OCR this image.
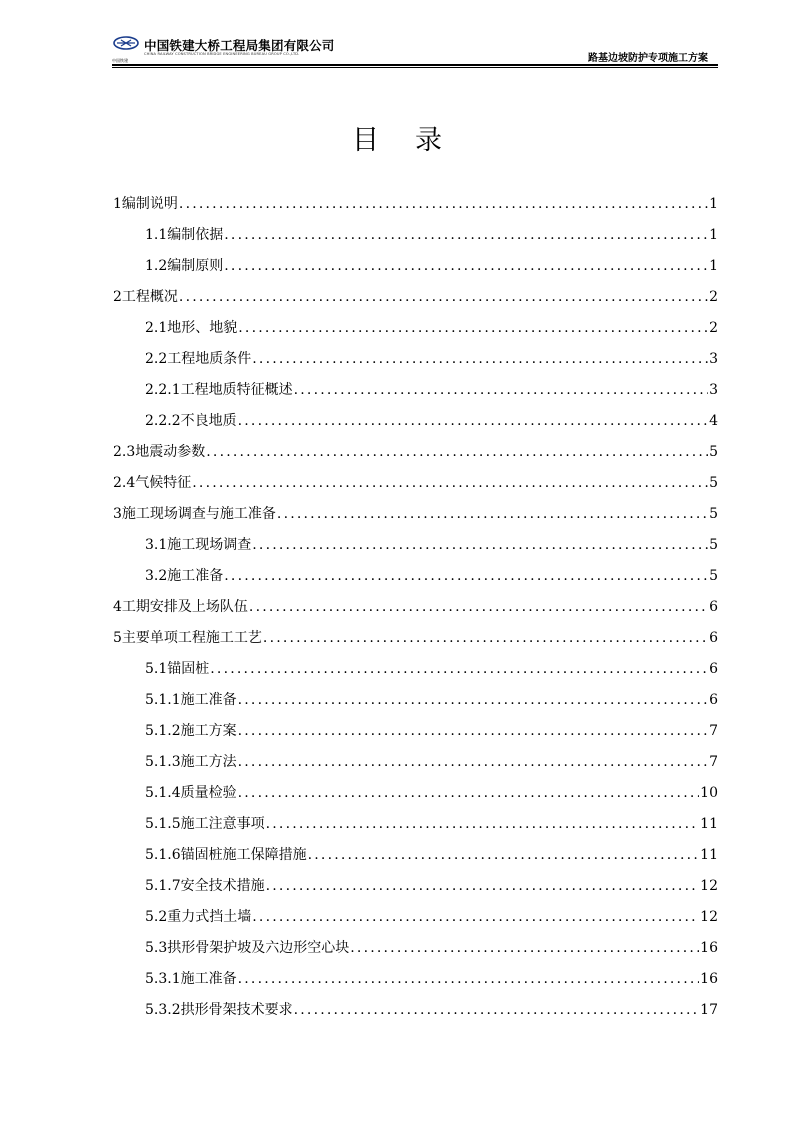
中国铁建
中国铁建大桥工程局集团有限公司
CHINA RAILWAY CONSTRUCTION BRIDGE ENGINEERING BUREAU GROUP CO.,LTD.	路基边坡防护专项施工方案
目录
1编制说明 .....	1
1.1编制依据 .....	1
1.2编制原则 .....	1
2工程概况 .....	2
2.1地形、地貌 .....	2
2.2工程地质条件 .....	3
2.2.1工程地质特征概述 .....	3
2.2.2不良地质 .....	4
2.3地震动参数 .....	5
2.4气候特征 .....	5
3施工现场调查与施工准备 .....	5
3.1施工现场调查 .....	5
3.2施工准备 .....	5
4工期安排及上场队伍 .....	6
5主要单项工程施工工艺 .....	6
5.1锚固桩 .....	6
5.1.1施工准备 .....	6
5.1.2施工方案 .....	7
5.1.3施工方法 .....	7
5.1.4质量检验 .....	10
5.1.5施工注意事项 .....	11
5.1.6锚固桩施工保障措施 .....	11
5.1.7安全技术措施 .....	12
5.2重力式挡土墙 .....	12
5.3拱形骨架护坡及六边形空心块 .....	16
5.3.1施工准备 .....	16
5.3.2拱形骨架技术要求 .....	17
